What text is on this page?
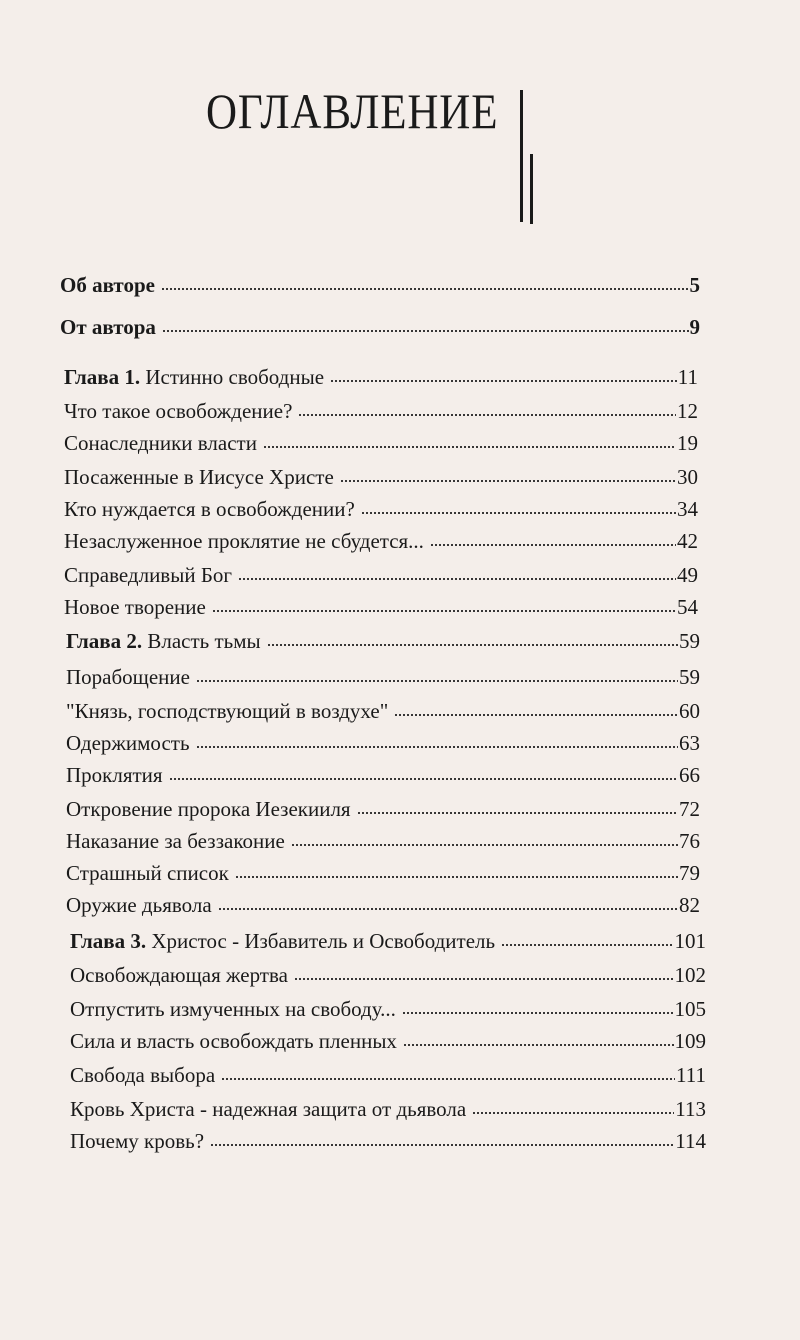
ОГЛАВЛЕНИЕ
Об авторе	5
От автора	9
Глава 1. Истинно свободные	11
Что такое освобождение?	12
Сонаследники власти	19
Посаженные в Иисусе Христе	30
Кто нуждается в освобождении?	34
Незаслуженное проклятие не сбудется...	42
Справедливый Бог	49
Новое творение	54
Глава 2. Власть тьмы	59
Порабощение	59
"Князь, господствующий в воздухе"	60
Одержимость	63
Проклятия	66
Откровение пророка Иезекииля	72
Наказание за беззаконие	76
Страшный список	79
Оружие дьявола	82
Глава 3. Христос - Избавитель и Освободитель	101
Освобождающая жертва	102
Отпустить измученных на свободу...	105
Сила и власть освобождать пленных	109
Свобода выбора	111
Кровь Христа - надежная защита от дьявола	113
Почему кровь?	114
